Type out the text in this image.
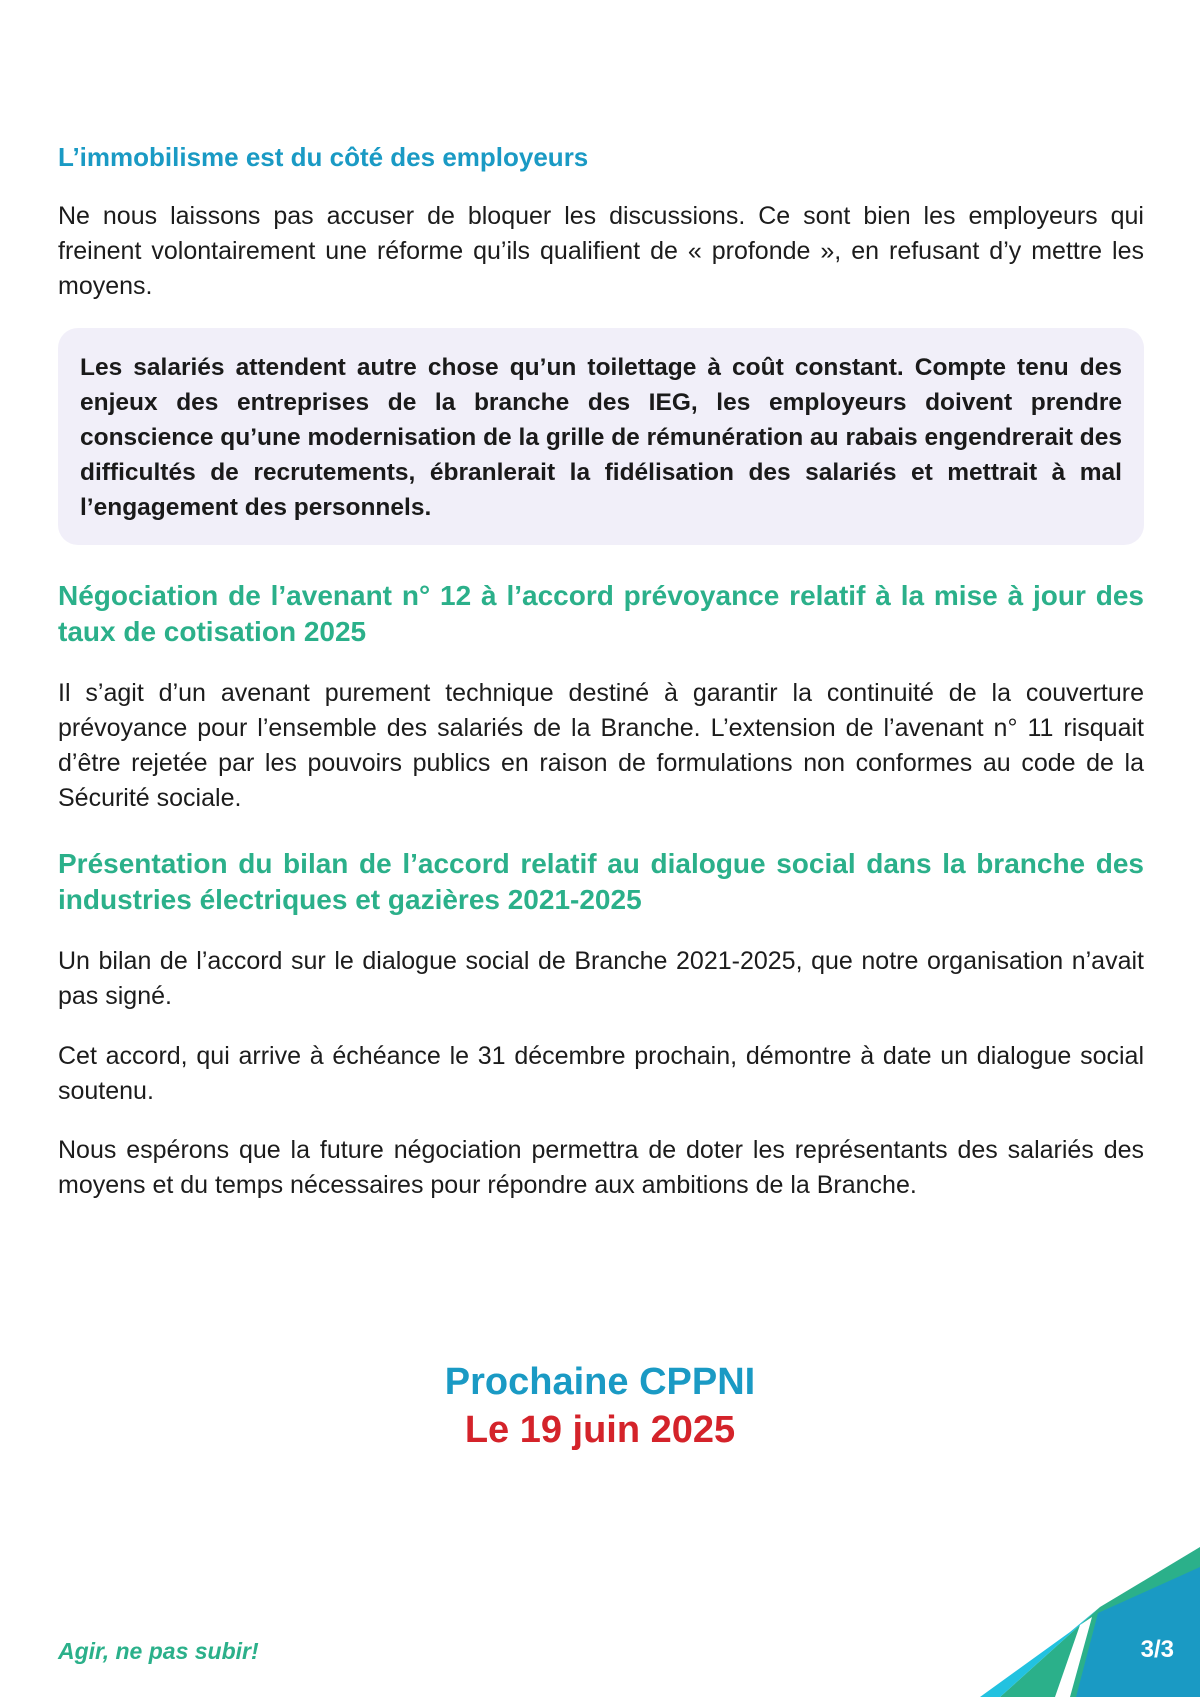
L’immobilisme est du côté des employeurs

Ne nous laissons pas accuser de bloquer les discussions. Ce sont bien les employeurs qui freinent volontairement une réforme qu’ils qualifient de « profonde », en refusant d’y mettre les moyens.

Les salariés attendent autre chose qu’un toilettage à coût constant. Compte tenu des enjeux des entreprises de la branche des IEG, les employeurs doivent prendre conscience qu’une modernisation de la grille de rémunération au rabais engendrerait des difficultés de recrutements, ébranlerait la fidélisation des salariés et mettrait à mal l’engagement des personnels.

Négociation de l’avenant n° 12 à l’accord prévoyance relatif à la mise à jour des taux de cotisation 2025

Il s’agit d’un avenant purement technique destiné à garantir la continuité de la couverture prévoyance pour l’ensemble des salariés de la Branche. L’extension de l’avenant n° 11 risquait d’être rejetée par les pouvoirs publics en raison de formulations non conformes au code de la Sécurité sociale.

Présentation du bilan de l’accord relatif au dialogue social dans la branche des industries électriques et gazières 2021-2025

Un bilan de l’accord sur le dialogue social de Branche 2021-2025, que notre organisation n’avait pas signé.

Cet accord, qui arrive à échéance le 31 décembre prochain, démontre à date un dialogue social soutenu.

Nous espérons que la future négociation permettra de doter les représentants des salariés des moyens et du temps nécessaires pour répondre aux ambitions de la Branche.

Prochaine CPPNI
Le 19 juin 2025
Agir, ne pas subir!	3/3
